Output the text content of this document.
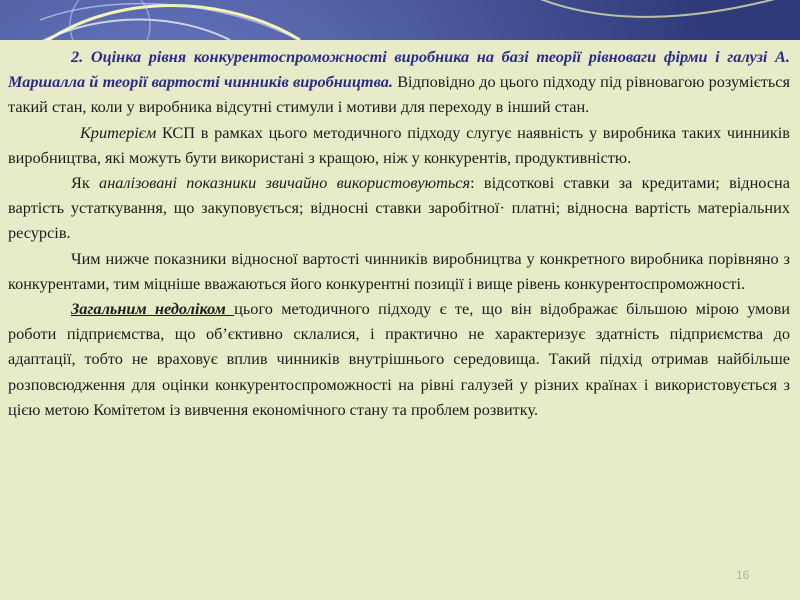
2. Оцінка рівня конкурентоспроможності виробника на базі теорії рівноваги фірми і галузі А. Маршалла й теорії вартості чинників виробництва. Відповідно до цього підходу під рівновагою розуміється такий стан, коли у виробника відсутні стимули і мотиви для переходу в інший стан.

Критерієм КСП в рамках цього методичного підходу слугує наявність у виробника таких чинників виробництва, які можуть бути використані з кращою, ніж у конкурентів, продуктивністю.

Як аналізовані показники звичайно використовуються: відсоткові ставки за кредитами; відносна вартість устаткування, що закуповується; відносні ставки заробітної· платні; відносна вартість матеріальних ресурсів.

Чим нижче показники відносної вартості чинників виробництва у конкретного виробника порівняно з конкурентами, тим міцніше вважаються його конкурентні позиції і вище рівень конкурентоспроможності.

Загальним недоліком цього методичного підходу є те, що він відображає більшою мірою умови роботи підприємства, що об’єктивно склалися, і практично не характеризує здатність підприємства до адаптації, тобто не враховує вплив чинників внутрішнього середовища. Такий підхід отримав найбільше розповсюдження для оцінки конкурентоспроможності на рівні галузей у різних країнах і використовується з цією метою Комітетом із вивчення економічного стану та проблем розвитку.

16
